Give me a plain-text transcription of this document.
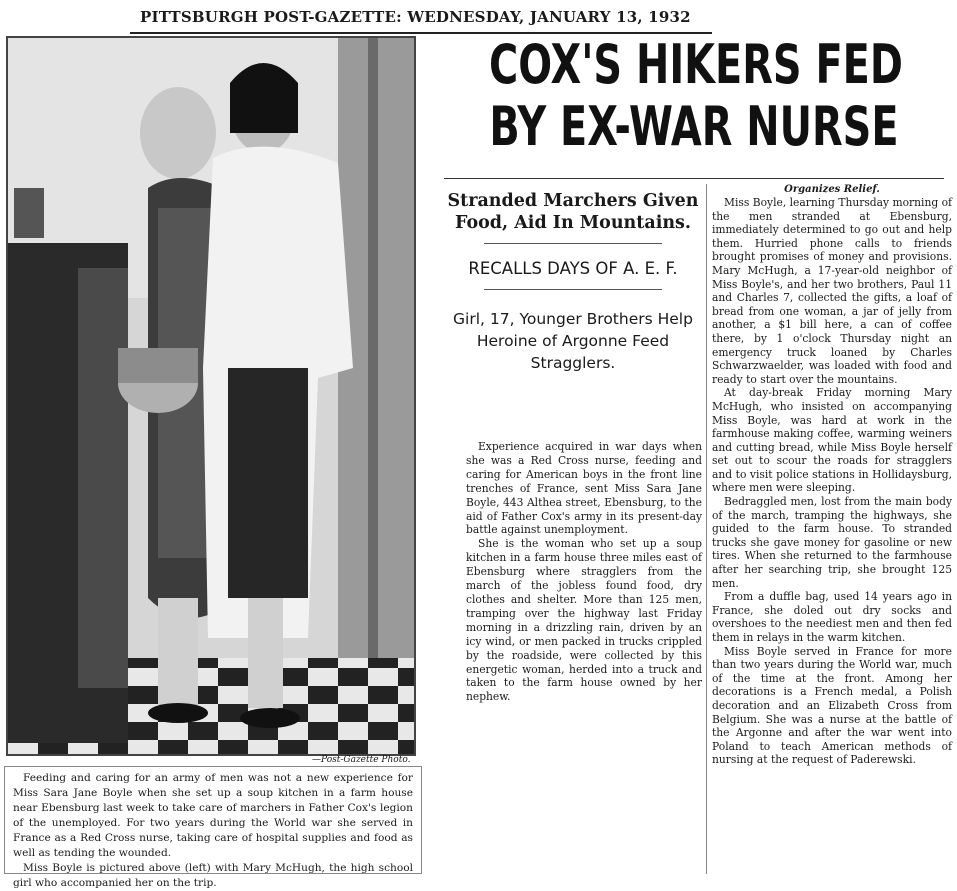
PITTSBURGH POST-GAZETTE: WEDNESDAY, JANUARY 13, 1932
—Post-Gazette Photo.

Feeding and caring for an army of men was not a new experience for Miss Sara Jane Boyle when she set up a soup kitchen in a farm house near Ebensburg last week to take care of marchers in Father Cox's legion of the unemployed. For two years during the World war she served in France as a Red Cross nurse, taking care of hospital supplies and food as well as tending the wounded.

Miss Boyle is pictured above (left) with Mary McHugh, the high school girl who accompanied her on the trip.

COX'S HIKERS FED
BY EX-WAR NURSE

Stranded Marchers Given Food, Aid In Mountains.

RECALLS DAYS OF A. E. F.

Girl, 17, Younger Brothers Help Heroine of Argonne Feed Stragglers.

Experience acquired in war days when she was a Red Cross nurse, feeding and caring for American boys in the front line trenches of France, sent Miss Sara Jane Boyle, 443 Althea street, Ebensburg, to the aid of Father Cox's army in its present-day battle against unemployment.

She is the woman who set up a soup kitchen in a farm house three miles east of Ebensburg where stragglers from the march of the jobless found food, dry clothes and shelter. More than 125 men, tramping over the highway last Friday morning in a drizzling rain, driven by an icy wind, or men packed in trucks crippled by the roadside, were collected by this energetic woman, herded into a truck and taken to the farm house owned by her nephew.

Organizes Relief.

Miss Boyle, learning Thursday morning of the men stranded at Ebensburg, immediately determined to go out and help them. Hurried phone calls to friends brought promises of money and provisions. Mary McHugh, a 17-year-old neighbor of Miss Boyle's, and her two brothers, Paul 11 and Charles 7, collected the gifts, a loaf of bread from one woman, a jar of jelly from another, a $1 bill here, a can of coffee there, by 1 o'clock Thursday night an emergency truck loaned by Charles Schwarzwaelder, was loaded with food and ready to start over the mountains.

At day-break Friday morning Mary McHugh, who insisted on accompanying Miss Boyle, was hard at work in the farmhouse making coffee, warming weiners and cutting bread, while Miss Boyle herself set out to scour the roads for stragglers and to visit police stations in Hollidaysburg, where men were sleeping.

Bedraggled men, lost from the main body of the march, tramping the highways, she guided to the farm house. To stranded trucks she gave money for gasoline or new tires. When she returned to the farmhouse after her searching trip, she brought 125 men.

From a duffle bag, used 14 years ago in France, she doled out dry socks and overshoes to the neediest men and then fed them in relays in the warm kitchen.

Miss Boyle served in France for more than two years during the World war, much of the time at the front. Among her decorations is a French medal, a Polish decoration and an Elizabeth Cross from Belgium. She was a nurse at the battle of the Argonne and after the war went into Poland to teach American methods of nursing at the request of Paderewski.
